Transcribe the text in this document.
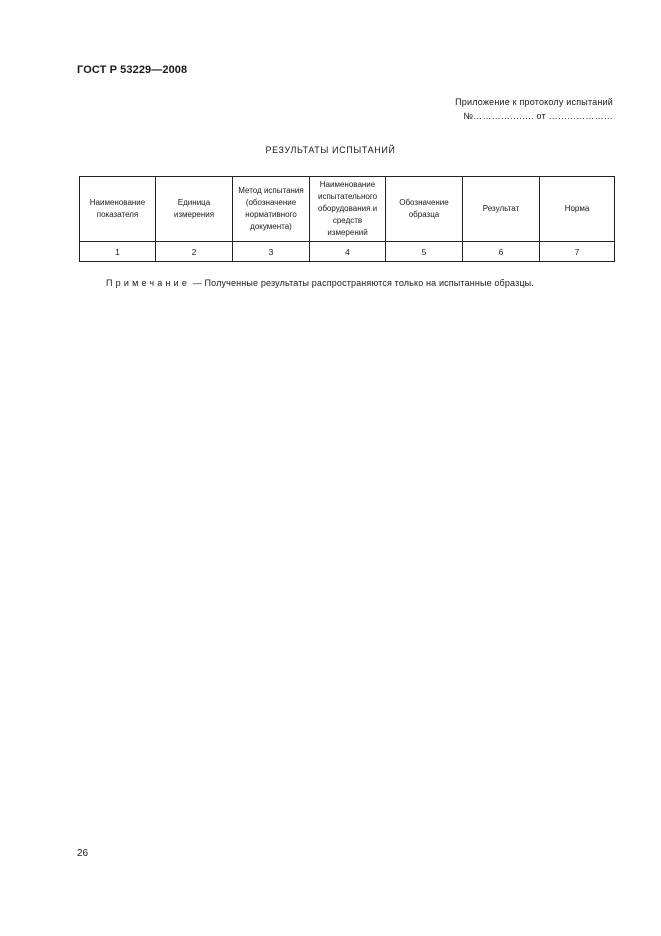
ГОСТ Р 53229—2008
Приложение к протоколу испытаний
№…………….…. от …………………
РЕЗУЛЬТАТЫ ИСПЫТАНИЙ
Наименование показателя	Единица измерения	Метод испытания (обозначение нормативного документа)	Наименование испытательного оборудования и средств измерений	Обозначение образца	Результат	Норма
1	2	3	4	5	6	7
Примечание — Полученные результаты распространяются только на испытанные образцы.
26
